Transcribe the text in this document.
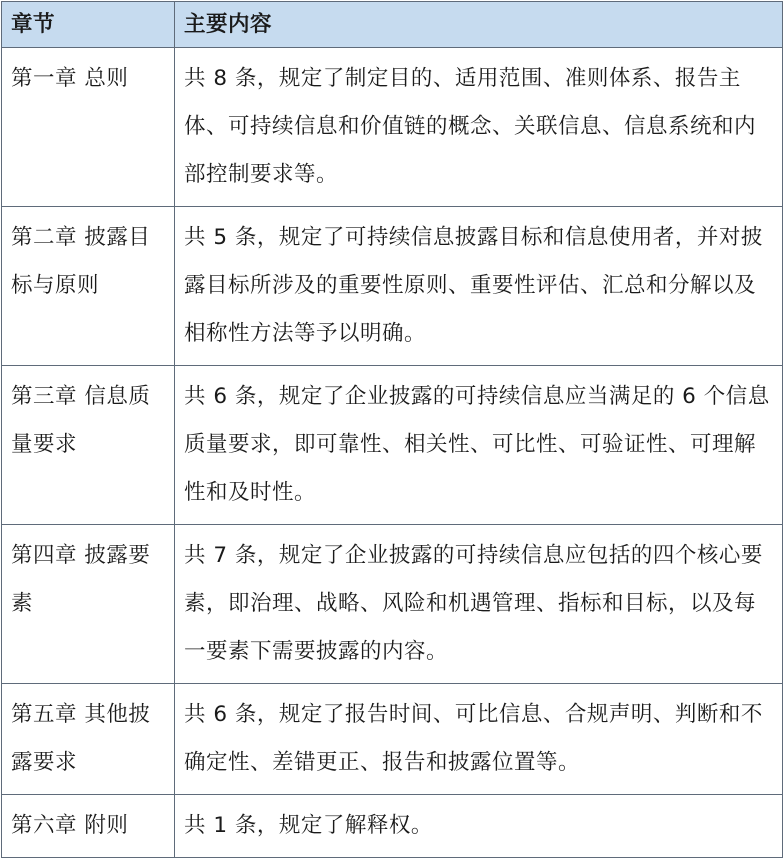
章节	主要内容
第一章 总则	共 8 条，规定了制定目的、适用范围、准则体系、报告主体、可持续信息和价值链的概念、关联信息、信息系统和内部控制要求等。
第二章 披露目标与原则	共 5 条，规定了可持续信息披露目标和信息使用者，并对披露目标所涉及的重要性原则、重要性评估、汇总和分解以及相称性方法等予以明确。
第三章 信息质量要求	共 6 条，规定了企业披露的可持续信息应当满足的 6 个信息质量要求，即可靠性、相关性、可比性、可验证性、可理解性和及时性。
第四章 披露要素	共 7 条，规定了企业披露的可持续信息应包括的四个核心要素，即治理、战略、风险和机遇管理、指标和目标，以及每一要素下需要披露的内容。
第五章 其他披露要求	共 6 条，规定了报告时间、可比信息、合规声明、判断和不确定性、差错更正、报告和披露位置等。
第六章 附则	共 1 条，规定了解释权。
